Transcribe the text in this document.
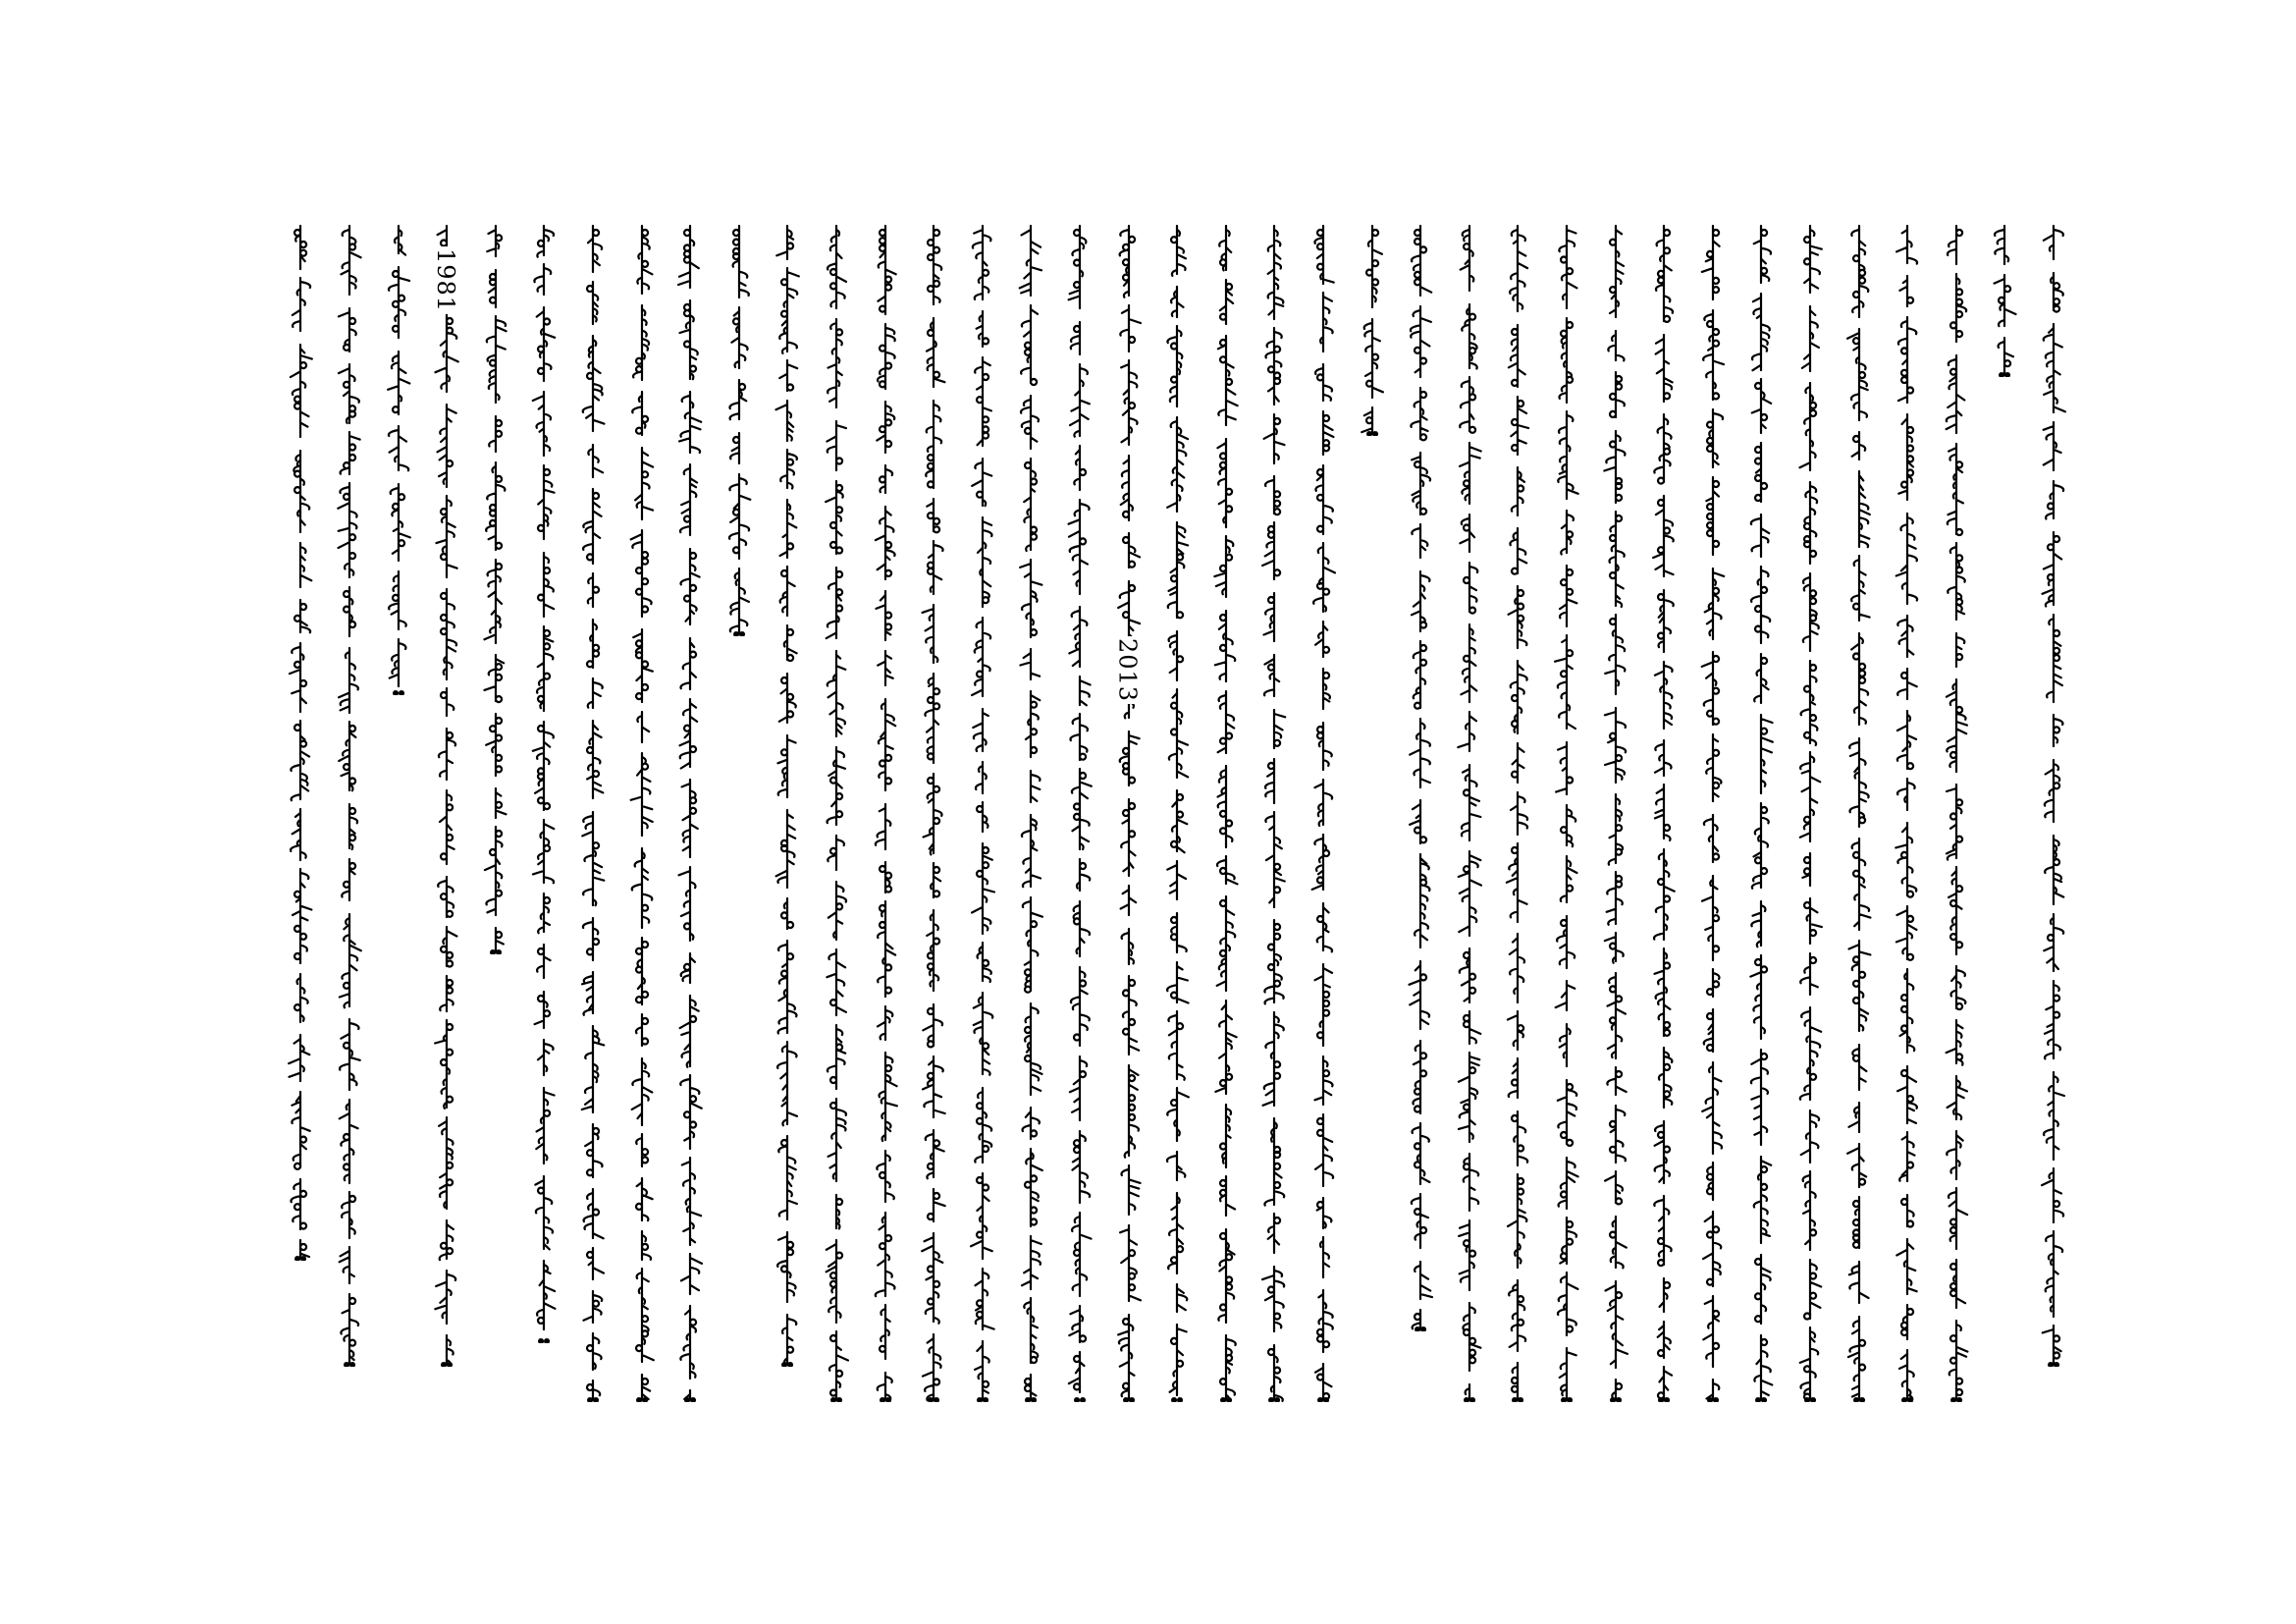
2013
1981
